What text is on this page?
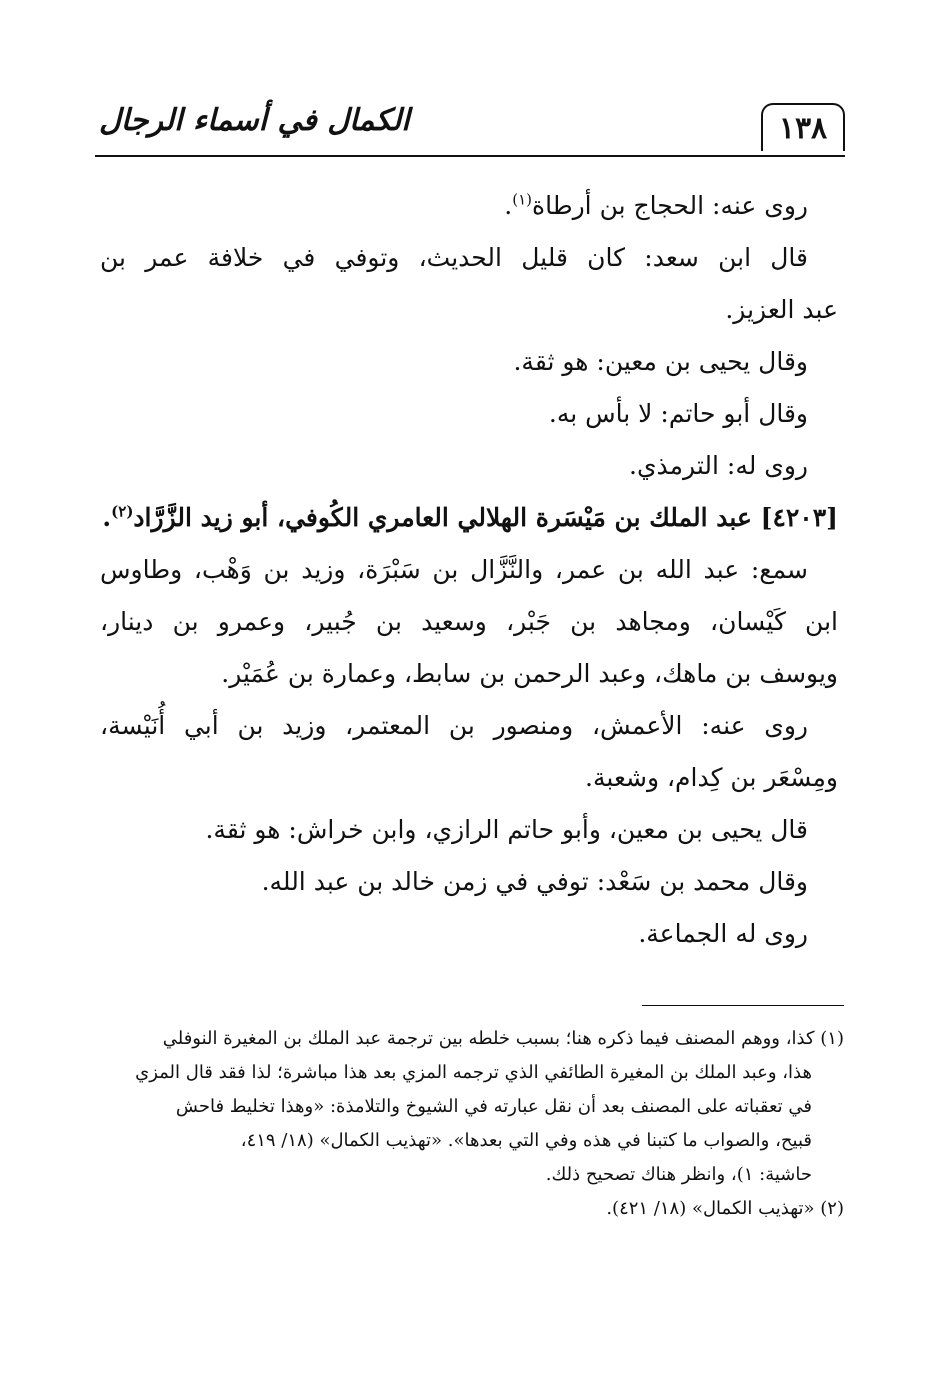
الكمال في أسماء الرجال	١٣٨

روى عنه: الحجاج بن أرطاة$^{(١)}$.

قال ابن سعد: كان قليل الحديث، وتوفي في خلافة عمر بن

عبد العزيز.

وقال يحيى بن معين: هو ثقة.

وقال أبو حاتم: لا بأس به.

روى له: الترمذي.

[٤٢٠٣] عبد الملك بن مَيْسَرة الهلالي العامري الكُوفي، أبو زيد الزَّرَّاد$^{(٢)}$.

سمع: عبد الله بن عمر، والنَّزَّال بن سَبْرَة، وزيد بن وَهْب، وطاوس

ابن كَيْسان، ومجاهد بن جَبْر، وسعيد بن جُبير، وعمرو بن دينار،

ويوسف بن ماهك، وعبد الرحمن بن سابط، وعمارة بن عُمَيْر.

روى عنه: الأعمش، ومنصور بن المعتمر، وزيد بن أبي أُنَيْسة،

ومِسْعَر بن كِدام، وشعبة.

قال يحيى بن معين، وأبو حاتم الرازي، وابن خراش: هو ثقة.

وقال محمد بن سَعْد: توفي في زمن خالد بن عبد الله.

روى له الجماعة.

(١) كذا، ووهم المصنف فيما ذكره هنا؛ بسبب خلطه بين ترجمة عبد الملك بن المغيرة النوفلي

هذا، وعبد الملك بن المغيرة الطائفي الذي ترجمه المزي بعد هذا مباشرة؛ لذا فقد قال المزي

في تعقباته على المصنف بعد أن نقل عبارته في الشيوخ والتلامذة: «وهذا تخليط فاحش

قبيح، والصواب ما كتبنا في هذه وفي التي بعدها». «تهذيب الكمال» (١٨/ ٤١٩،

حاشية: ١)، وانظر هناك تصحيح ذلك.

(٢) «تهذيب الكمال» (١٨/ ٤٢١).
